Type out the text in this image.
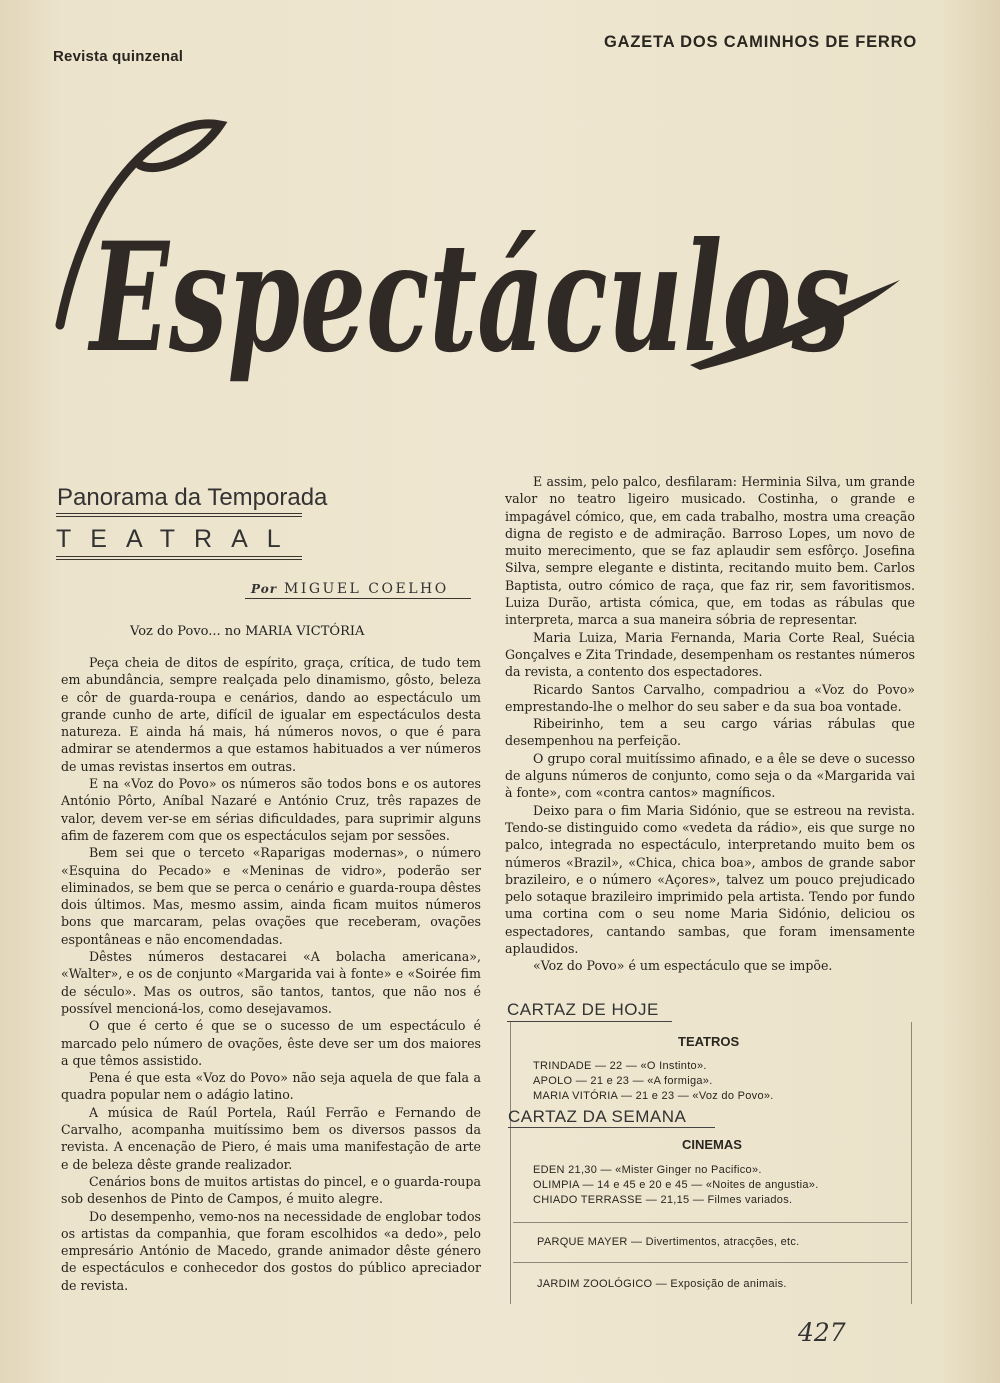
Revista quinzenal
GAZETA DOS CAMINHOS DE FERRO
Espectáculos
Panorama da Temporada
TEATRAL
Por MIGUEL COELHO
Voz do Povo... no MARIA VICTÓRIA

Peça cheia de ditos de espírito, graça, crítica, de tudo tem em abundância, sempre realçada pelo dinamismo, gôsto, beleza e côr de guarda-roupa e cenários, dando ao espectáculo um grande cunho de arte, difícil de igualar em espectáculos desta natureza. E ainda há mais, há números novos, o que é para admirar se atendermos a que estamos habituados a ver números de umas revistas insertos em outras.

E na «Voz do Povo» os números são todos bons e os autores António Pôrto, Aníbal Nazaré e António Cruz, três rapazes de valor, devem ver-se em sérias dificuldades, para suprimir alguns afim de fazerem com que os espectáculos sejam por sessões.

Bem sei que o terceto «Raparigas modernas», o número «Esquina do Pecado» e «Meninas de vidro», poderão ser eliminados, se bem que se perca o cenário e guarda-roupa dêstes dois últimos. Mas, mesmo assim, ainda ficam muitos números bons que marcaram, pelas ovações que receberam, ovações espontâneas e não encomendadas.

Dêstes números destacarei «A bolacha americana», «Walter», e os de conjunto «Margarida vai à fonte» e «Soirée fim de século». Mas os outros, são tantos, tantos, que não nos é possível mencioná-los, como desejavamos.

O que é certo é que se o sucesso de um espectáculo é marcado pelo número de ovações, êste deve ser um dos maiores a que têmos assistido.

Pena é que esta «Voz do Povo» não seja aquela de que fala a quadra popular nem o adágio latino.

A música de Raúl Portela, Raúl Ferrão e Fernando de Carvalho, acompanha muitíssimo bem os diversos passos da revista. A encenação de Piero, é mais uma manifestação de arte e de beleza dêste grande realizador.

Cenários bons de muitos artistas do pincel, e o guarda-roupa sob desenhos de Pinto de Campos, é muito alegre.

Do desempenho, vemo-nos na necessidade de englobar todos os artistas da companhia, que foram escolhidos «a dedo», pelo empresário António de Macedo, grande animador dêste género de espectáculos e conhecedor dos gostos do público apreciador de revista.

E assim, pelo palco, desfilaram: Herminia Silva, um grande valor no teatro ligeiro musicado. Costinha, o grande e impagável cómico, que, em cada trabalho, mostra uma creação digna de registo e de admiração. Barroso Lopes, um novo de muito merecimento, que se faz aplaudir sem esfôrço. Josefina Silva, sempre elegante e distinta, recitando muito bem. Carlos Baptista, outro cómico de raça, que faz rir, sem favoritismos. Luiza Durão, artista cómica, que, em todas as rábulas que interpreta, marca a sua maneira sóbria de representar.

Maria Luiza, Maria Fernanda, Maria Corte Real, Suécia Gonçalves e Zita Trindade, desempenham os restantes números da revista, a contento dos espectadores.

Ricardo Santos Carvalho, compadriou a «Voz do Povo» emprestando-lhe o melhor do seu saber e da sua boa vontade.

Ribeirinho, tem a seu cargo várias rábulas que desempenhou na perfeição.

O grupo coral muitíssimo afinado, e a êle se deve o sucesso de alguns números de conjunto, como seja o da «Margarida vai à fonte», com «contra cantos» magníficos.

Deixo para o fim Maria Sidónio, que se estreou na revista. Tendo-se distinguido como «vedeta da rádio», eis que surge no palco, integrada no espectáculo, interpretando muito bem os números «Brazil», «Chica, chica boa», ambos de grande sabor brazileiro, e o número «Açores», talvez um pouco prejudicado pelo sotaque brazileiro imprimido pela artista. Tendo por fundo uma cortina com o seu nome Maria Sidónio, deliciou os espectadores, cantando sambas, que foram imensamente aplaudidos.

«Voz do Povo» é um espectáculo que se impõe.

CARTAZ DE HOJE
TEATROS
TRINDADE — 22 — «O Instinto».
APOLO — 21 e 23 — «A formiga».
MARIA VITÓRIA — 21 e 23 — «Voz do Povo».
CARTAZ DA SEMANA
CINEMAS
EDEN 21,30 — «Mister Ginger no Pacifico».
OLIMPIA — 14 e 45 e 20 e 45 — «Noites de angustia».
CHIADO TERRASSE — 21,15 — Filmes variados.
PARQUE MAYER — Divertimentos, atracções, etc.
JARDIM ZOOLÓGICO — Exposição de animais.
427
